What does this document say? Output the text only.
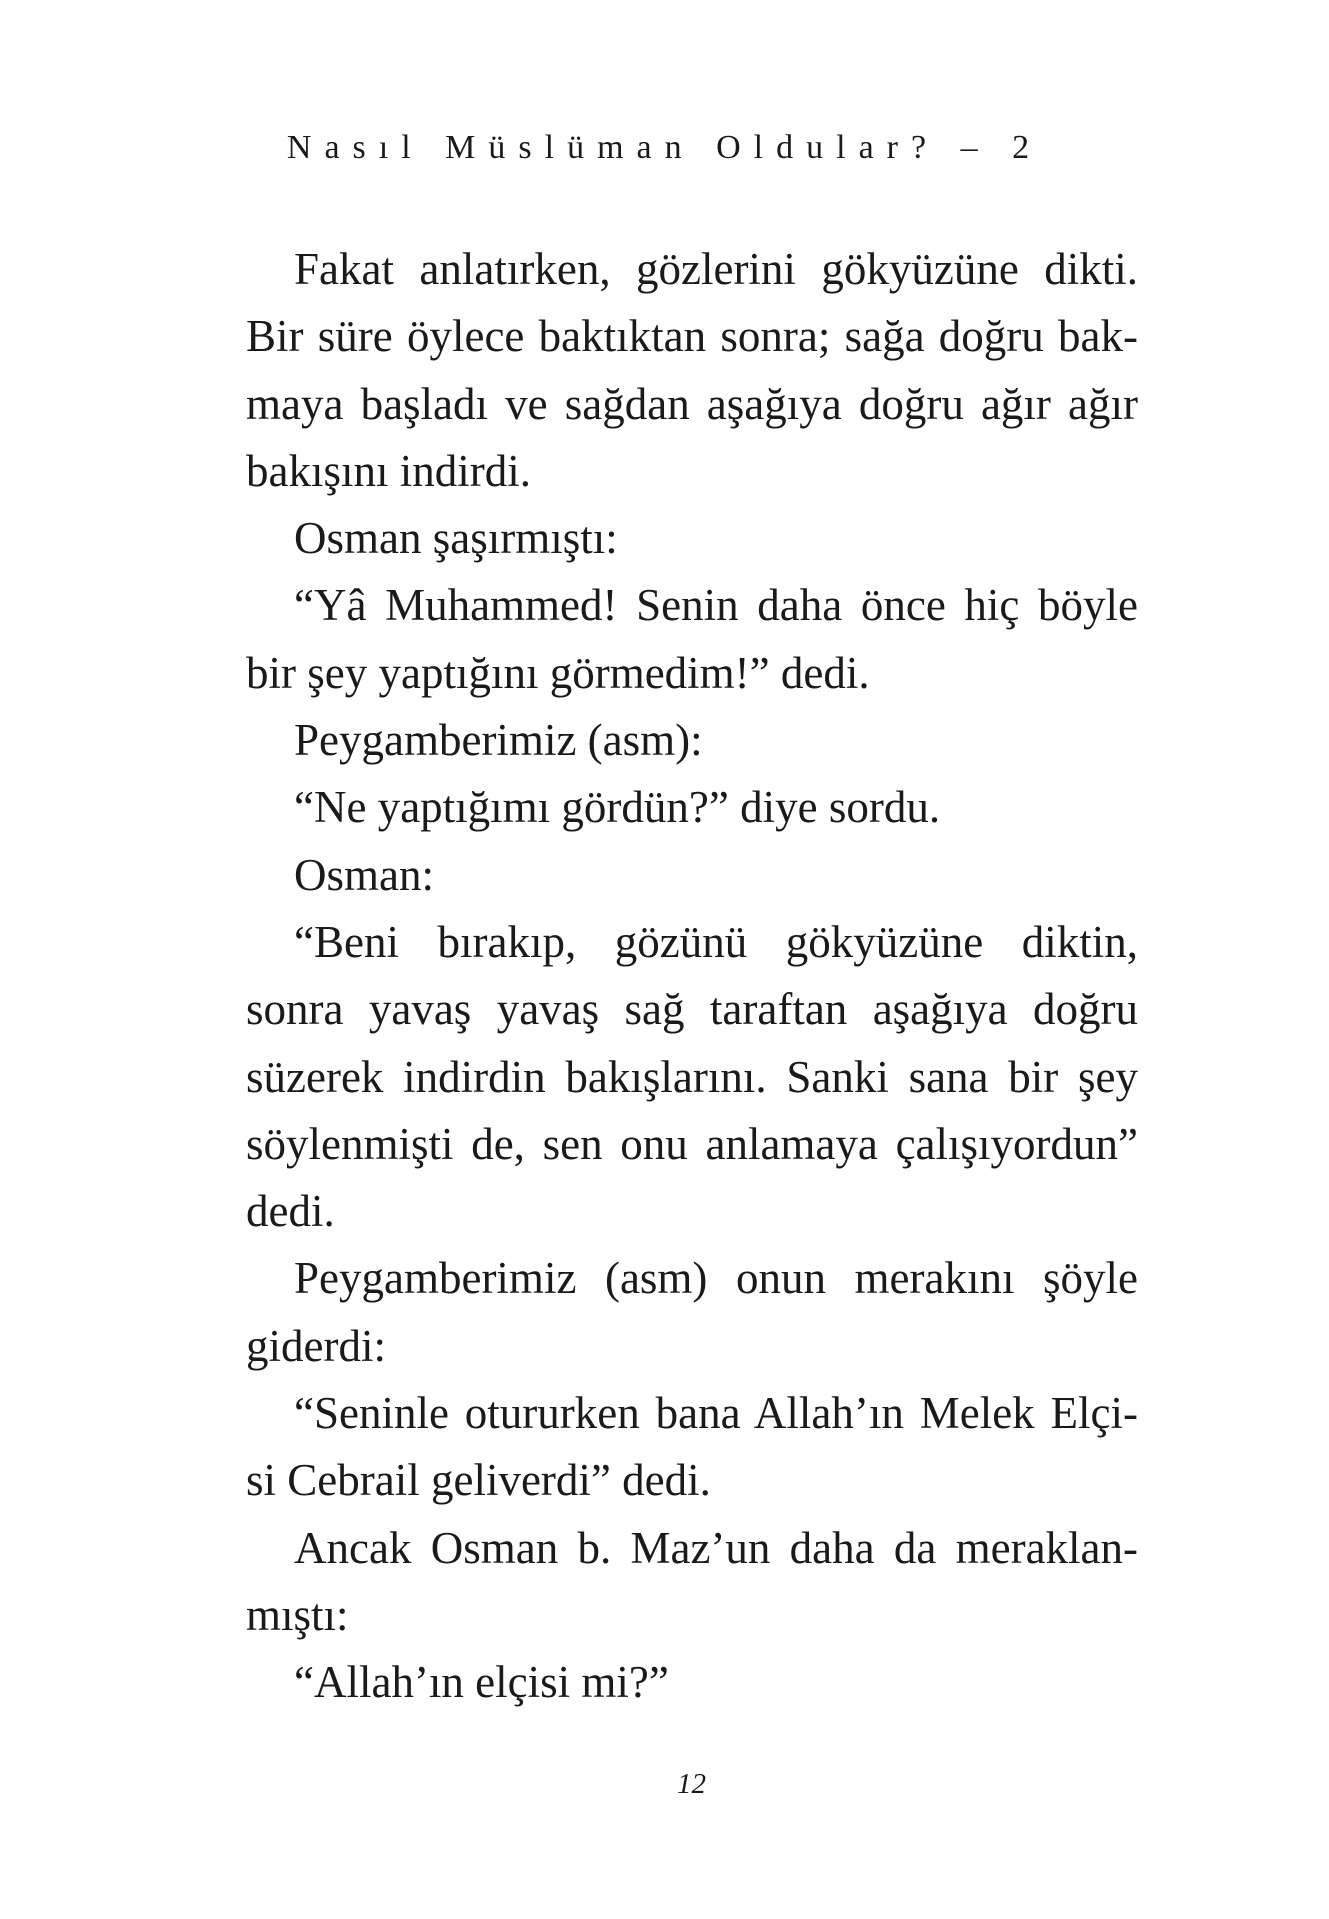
Nasıl Müslüman Oldular? – 2
Fakat anlatırken, gözlerini gökyüzüne dikti.
Bir süre öylece baktıktan sonra; sağa doğru bak-
maya başladı ve sağdan aşağıya doğru ağır ağır
bakışını indirdi.
Osman şaşırmıştı:
“Yâ Muhammed! Senin daha önce hiç böyle
bir şey yaptığını görmedim!” dedi.
Peygamberimiz (asm):
“Ne yaptığımı gördün?” diye sordu.
Osman:
“Beni bırakıp, gözünü gökyüzüne diktin,
sonra yavaş yavaş sağ taraftan aşağıya doğru
süzerek indirdin bakışlarını. Sanki sana bir şey
söylenmişti de, sen onu anlamaya çalışıyordun”
dedi.
Peygamberimiz (asm) onun merakını şöyle
giderdi:
“Seninle otururken bana Allah’ın Melek Elçi-
si Cebrail geliverdi” dedi.
Ancak Osman b. Maz’un daha da meraklan-
mıştı:
“Allah’ın elçisi mi?”
12
